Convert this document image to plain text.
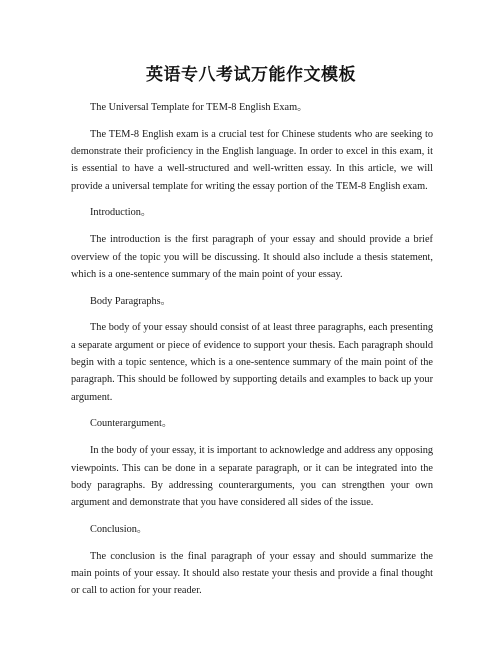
英语专八考试万能作文模板

The Universal Template for TEM-8 English Exam。

The TEM-8 English exam is a crucial test for Chinese students who are seeking to demonstrate their proficiency in the English language. In order to excel in this exam, it is essential to have a well-structured and well-written essay. In this article, we will provide a universal template for writing the essay portion of the TEM-8 English exam.

Introduction。

The introduction is the first paragraph of your essay and should provide a brief overview of the topic you will be discussing. It should also include a thesis statement, which is a one-sentence summary of the main point of your essay.

Body Paragraphs。

The body of your essay should consist of at least three paragraphs, each presenting a separate argument or piece of evidence to support your thesis. Each paragraph should begin with a topic sentence, which is a one-sentence summary of the main point of the paragraph. This should be followed by supporting details and examples to back up your argument.

Counterargument。

In the body of your essay, it is important to acknowledge and address any opposing viewpoints. This can be done in a separate paragraph, or it can be integrated into the body paragraphs. By addressing counterarguments, you can strengthen your own argument and demonstrate that you have considered all sides of the issue.

Conclusion。

The conclusion is the final paragraph of your essay and should summarize the main points of your essay. It should also restate your thesis and provide a final thought or call to action for your reader.
